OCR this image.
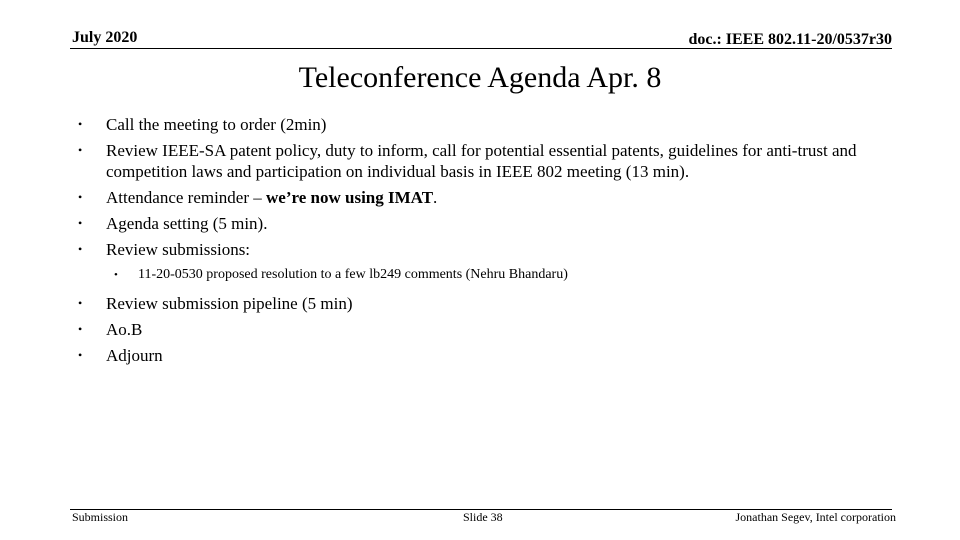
July 2020	doc.: IEEE 802.11-20/0537r30
Teleconference Agenda Apr. 8
• Call the meeting to order (2min)
• Review IEEE-SA patent policy, duty to inform, call for potential essential patents, guidelines for anti-trust and competition laws and participation on individual basis in IEEE 802 meeting (13 min).
• Attendance reminder – we’re now using IMAT.
• Agenda setting (5 min).
• Review submissions:
• 11-20-0530 proposed resolution to a few lb249 comments (Nehru Bhandaru)
• Review submission pipeline (5 min)
• Ao.B
• Adjourn
Submission	Slide 38	Jonathan Segev, Intel corporation
